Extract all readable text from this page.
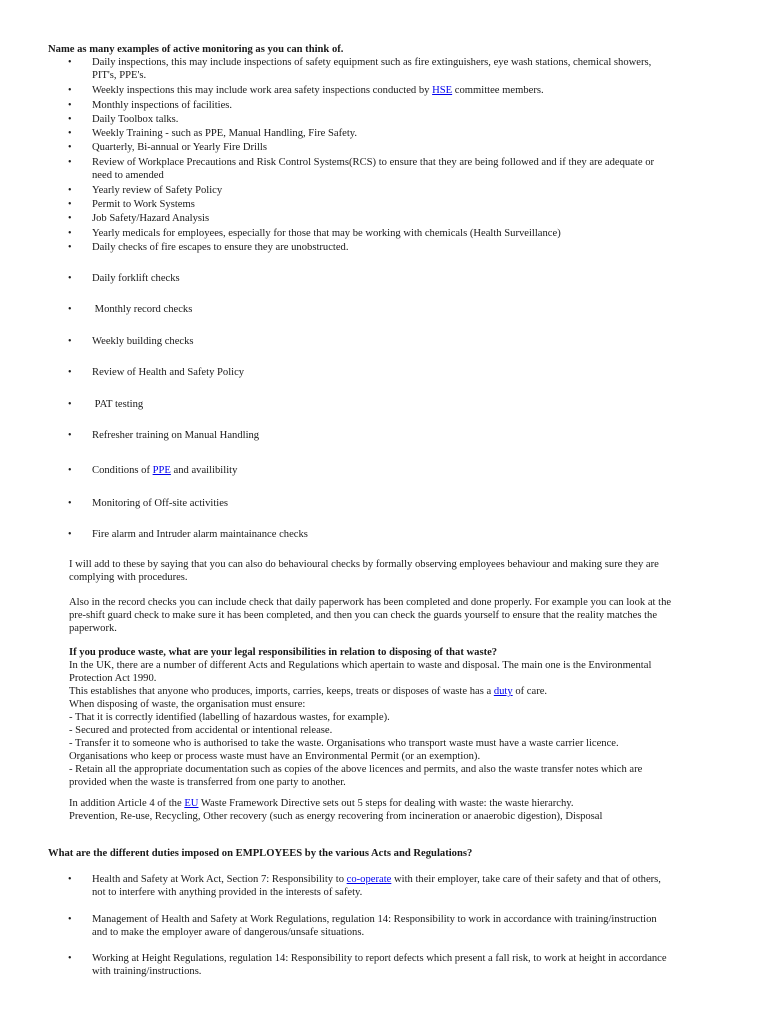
Name as many examples of active monitoring as you can think of.
• Daily inspections, this may include inspections of safety equipment such as fire extinguishers, eye wash stations, chemical showers,
PIT's, PPE's.
• Weekly inspections this may include work area safety inspections conducted by HSE committee members.
• Monthly inspections of facilities.
• Daily Toolbox talks.
• Weekly Training - such as PPE, Manual Handling, Fire Safety.
• Quarterly, Bi-annual or Yearly Fire Drills
• Review of Workplace Precautions and Risk Control Systems(RCS) to ensure that they are being followed and if they are adequate or
need to amended
• Yearly review of Safety Policy
• Permit to Work Systems
• Job Safety/Hazard Analysis
• Yearly medicals for employees, especially for those that may be working with chemicals (Health Surveillance)
• Daily checks of fire escapes to ensure they are unobstructed.
• Daily forklift checks
• Monthly record checks
• Weekly building checks
• Review of Health and Safety Policy
• PAT testing
• Refresher training on Manual Handling
• Conditions of PPE and availibility
• Monitoring of Off-site activities
• Fire alarm and Intruder alarm maintainance checks

I will add to these by saying that you can also do behavioural checks by formally observing employees behaviour and making sure they are

complying with procedures.

Also in the record checks you can include check that daily paperwork has been completed and done properly. For example you can look at the

pre-shift guard check to make sure it has been completed, and then you can check the guards yourself to ensure that the reality matches the

paperwork.

If you produce waste, what are your legal responsibilities in relation to disposing of that waste?

In the UK, there are a number of different Acts and Regulations which apertain to waste and disposal. The main one is the Environmental

Protection Act 1990.

This establishes that anyone who produces, imports, carries, keeps, treats or disposes of waste has a duty of care.

When disposing of waste, the organisation must ensure:

- That it is correctly identified (labelling of hazardous wastes, for example).

- Secured and protected from accidental or intentional release.

- Transfer it to someone who is authorised to take the waste. Organisations who transport waste must have a waste carrier licence.

Organisations who keep or process waste must have an Environmental Permit (or an exemption).

- Retain all the appropriate documentation such as copies of the above licences and permits, and also the waste transfer notes which are

provided when the waste is transferred from one party to another.

In addition Article 4 of the EU Waste Framework Directive sets out 5 steps for dealing with waste: the waste hierarchy.

Prevention, Re-use, Recycling, Other recovery (such as energy recovering from incineration or anaerobic digestion), Disposal

What are the different duties imposed on EMPLOYEES by the various Acts and Regulations?
• Health and Safety at Work Act, Section 7: Responsibility to co-operate with their employer, take care of their safety and that of others,
not to interfere with anything provided in the interests of safety.
• Management of Health and Safety at Work Regulations, regulation 14: Responsibility to work in accordance with training/instruction
and to make the employer aware of dangerous/unsafe situations.
• Working at Height Regulations, regulation 14: Responsibility to report defects which present a fall risk, to work at height in accordance
with training/instructions.
